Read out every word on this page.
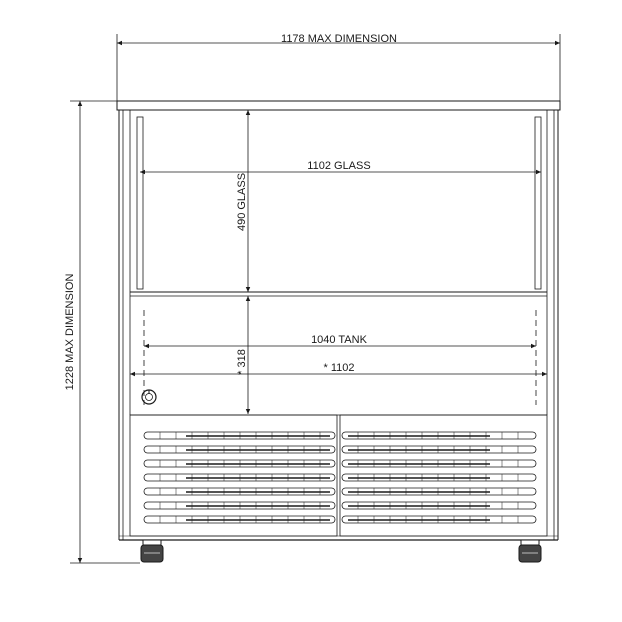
1178 MAX DIMENSION
1228 MAX DIMENSION
1102 GLASS
490 GLASS
1040 TANK
* 1102
* 318
